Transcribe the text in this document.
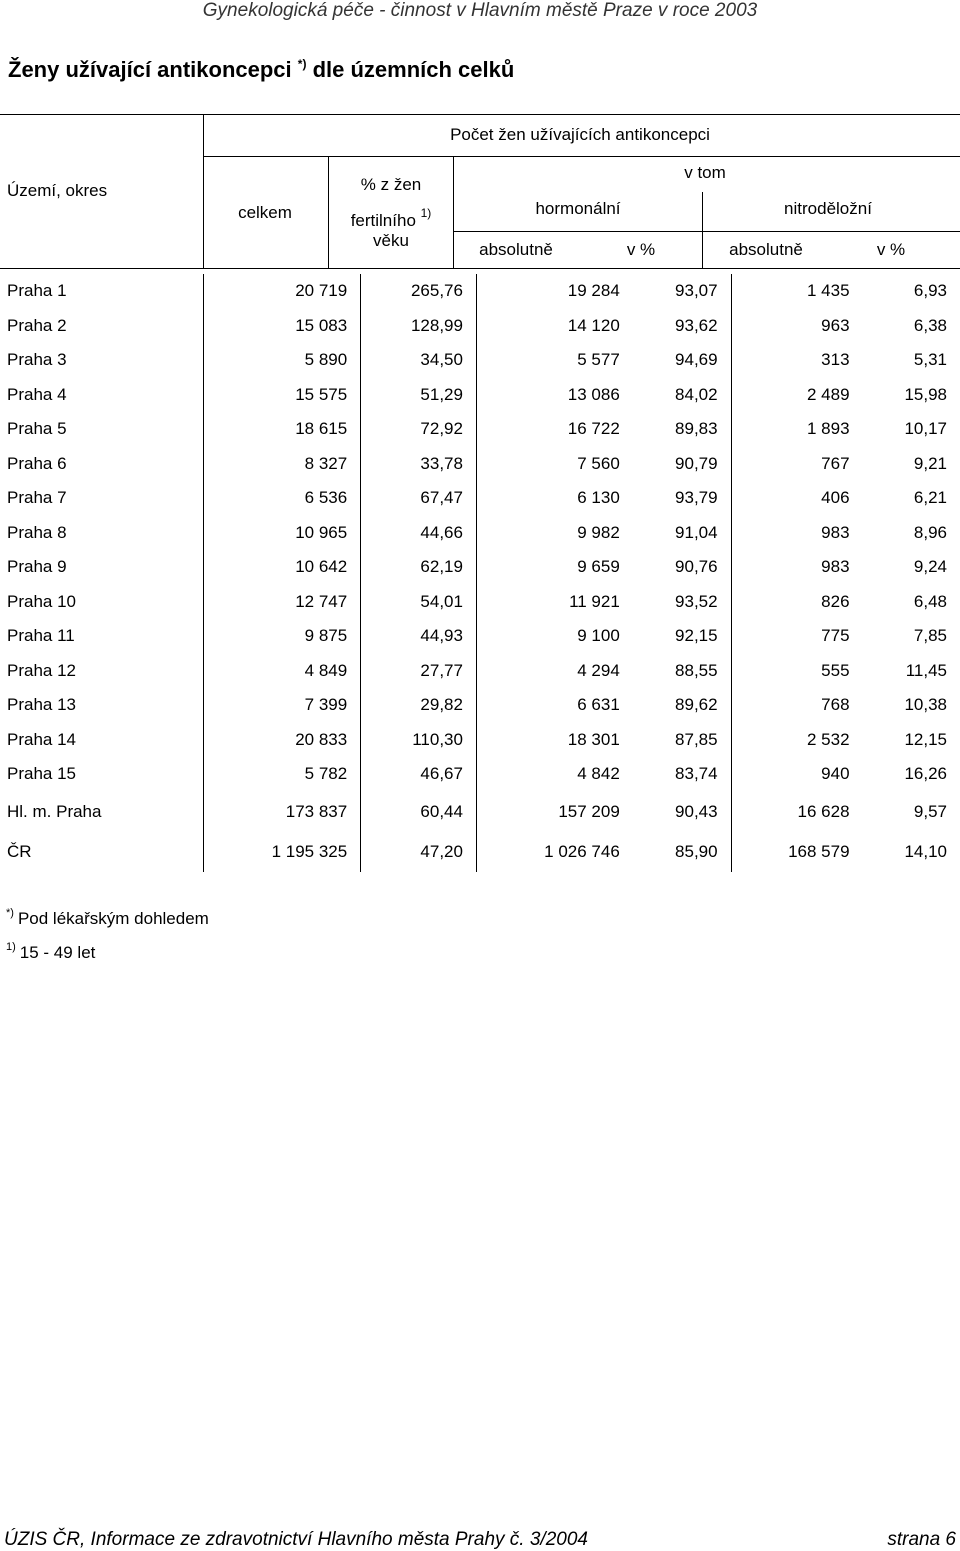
Gynekologická péče - činnost v Hlavním městě Praze v roce 2003
Ženy užívající antikoncepci *) dle územních celků
Území, okres
Počet žen užívajících antikoncepci
celkem
% z žen
fertilního $^{1)}$
věku
v tom
hormonální	nitroděložní
absolutně	v %	absolutně	v %
Praha 1	20 719	265,76	19 284	93,07	1 435	6,93
Praha 2	15 083	128,99	14 120	93,62	963	6,38
Praha 3	5 890	34,50	5 577	94,69	313	5,31
Praha 4	15 575	51,29	13 086	84,02	2 489	15,98
Praha 5	18 615	72,92	16 722	89,83	1 893	10,17
Praha 6	8 327	33,78	7 560	90,79	767	9,21
Praha 7	6 536	67,47	6 130	93,79	406	6,21
Praha 8	10 965	44,66	9 982	91,04	983	8,96
Praha 9	10 642	62,19	9 659	90,76	983	9,24
Praha 10	12 747	54,01	11 921	93,52	826	6,48
Praha 11	9 875	44,93	9 100	92,15	775	7,85
Praha 12	4 849	27,77	4 294	88,55	555	11,45
Praha 13	7 399	29,82	6 631	89,62	768	10,38
Praha 14	20 833	110,30	18 301	87,85	2 532	12,15
Praha 15	5 782	46,67	4 842	83,74	940	16,26
Hl. m. Praha	173 837	60,44	157 209	90,43	16 628	9,57
ČR	1 195 325	47,20	1 026 746	85,90	168 579	14,10
*) Pod lékařským dohledem
$^{1)}$ 15 - 49 let
ÚZIS ČR, Informace ze zdravotnictví Hlavního města Prahy č. 3/2004	strana 6
